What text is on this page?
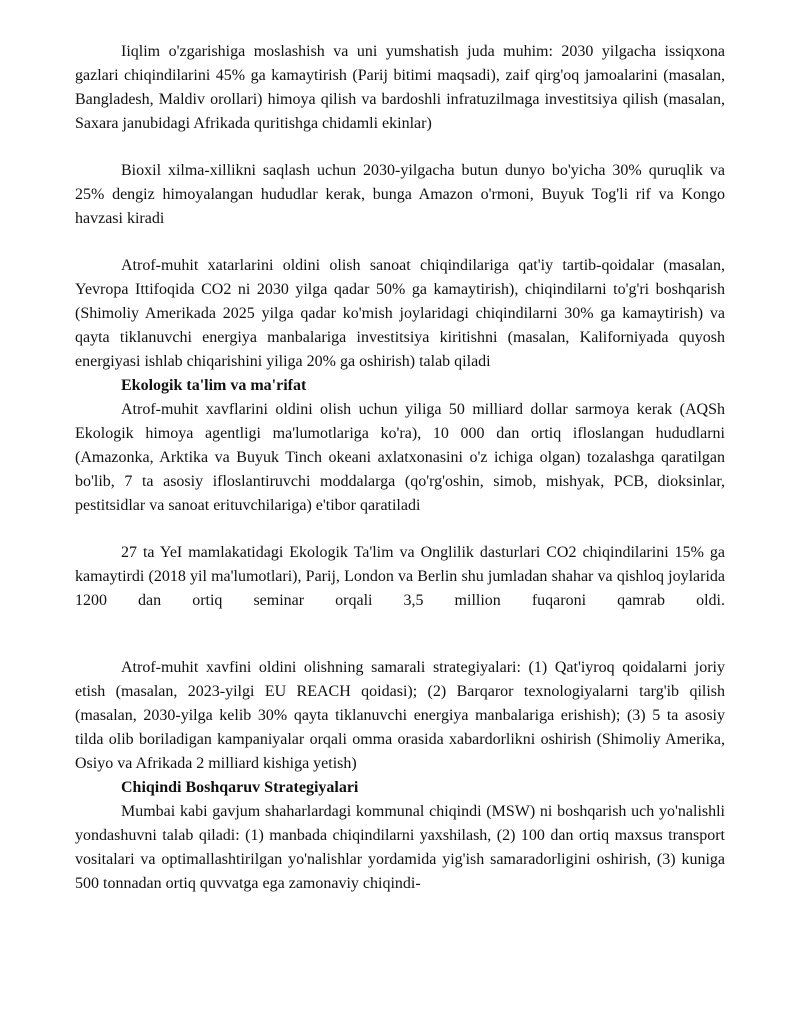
Iiqlim o'zgarishiga moslashish va uni yumshatish juda muhim: 2030 yilgacha issiqxona gazlari chiqindilarini 45% ga kamaytirish (Parij bitimi maqsadi), zaif qirg'oq jamoalarini (masalan, Bangladesh, Maldiv orollari) himoya qilish va bardoshli infratuzilmaga investitsiya qilish (masalan, Saxara janubidagi Afrikada quritishga chidamli ekinlar)

Bioxil xilma-xillikni saqlash uchun 2030-yilgacha butun dunyo bo'yicha 30% quruqlik va 25% dengiz himoyalangan hududlar kerak, bunga Amazon o'rmoni, Buyuk Tog'li rif va Kongo havzasi kiradi

Atrof-muhit xatarlarini oldini olish sanoat chiqindilariga qat'iy tartib-qoidalar (masalan, Yevropa Ittifoqida CO2 ni 2030 yilga qadar 50% ga kamaytirish), chiqindilarni to'g'ri boshqarish (Shimoliy Amerikada 2025 yilga qadar ko'mish joylaridagi chiqindilarni 30% ga kamaytirish) va qayta tiklanuvchi energiya manbalariga investitsiya kiritishni (masalan, Kaliforniyada quyosh energiyasi ishlab chiqarishini yiliga 20% ga oshirish) talab qiladi

Ekologik ta'lim va ma'rifat

Atrof-muhit xavflarini oldini olish uchun yiliga 50 milliard dollar sarmoya kerak (AQSh Ekologik himoya agentligi ma'lumotlariga ko'ra), 10 000 dan ortiq ifloslangan hududlarni (Amazonka, Arktika va Buyuk Tinch okeani axlatxonasini o'z ichiga olgan) tozalashga qaratilgan bo'lib, 7 ta asosiy ifloslantiruvchi moddalarga (qo'rg'oshin, simob, mishyak, PCB, dioksinlar, pestitsidlar va sanoat erituvchilariga) e'tibor qaratiladi

27 ta YeI mamlakatidagi Ekologik Ta'lim va Onglilik dasturlari CO2 chiqindilarini 15% ga kamaytirdi (2018 yil ma'lumotlari), Parij, London va Berlin shu jumladan shahar va qishloq joylarida 1200 dan ortiq seminar orqali 3,5 million fuqaroni qamrab oldi.

Atrof-muhit xavfini oldini olishning samarali strategiyalari: (1) Qat'iyroq qoidalarni joriy etish (masalan, 2023-yilgi EU REACH qoidasi); (2) Barqaror texnologiyalarni targ'ib qilish (masalan, 2030-yilga kelib 30% qayta tiklanuvchi energiya manbalariga erishish); (3) 5 ta asosiy tilda olib boriladigan kampaniyalar orqali omma orasida xabardorlikni oshirish (Shimoliy Amerika, Osiyo va Afrikada 2 milliard kishiga yetish)

Chiqindi Boshqaruv Strategiyalari

Mumbai kabi gavjum shaharlardagi kommunal chiqindi (MSW) ni boshqarish uch yo'nalishli yondashuvni talab qiladi: (1) manbada chiqindilarni yaxshilash, (2) 100 dan ortiq maxsus transport vositalari va optimallashtirilgan yo'nalishlar yordamida yig'ish samaradorligini oshirish, (3) kuniga 500 tonnadan ortiq quvvatga ega zamonaviy chiqindi-
